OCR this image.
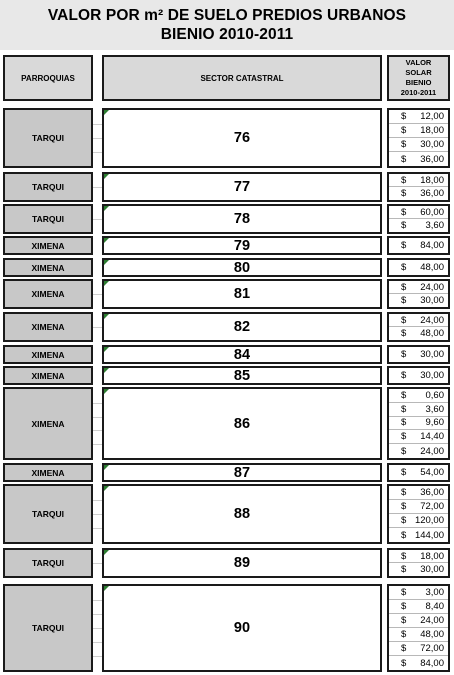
VALOR POR m² DE SUELO PREDIOS URBANOS
BIENIO 2010-2011
PARROQUIAS	SECTOR CATASTRAL
VALOR
SOLAR
BIENIO
2010-2011
TARQUI	76
$ 12,00
$ 18,00
$ 30,00
$ 36,00
TARQUI	77	$ 18,00
$ 36,00
TARQUI	78	$ 60,00
$ 3,60
XIMENA	79	$ 84,00
XIMENA	80	$ 48,00
XIMENA	81	$ 24,00
$ 30,00
XIMENA	82	$ 24,00
$ 48,00
XIMENA	84	$ 30,00
XIMENA	85	$ 30,00
XIMENA	86
$ 0,60
$ 3,60
$ 9,60
$ 14,40
$ 24,00
XIMENA	87	$ 54,00
TARQUI	88
$ 36,00
$ 72,00
$ 120,00
$ 144,00
TARQUI	89	$ 18,00
$ 30,00
TARQUI	90
$ 3,00
$ 8,40
$ 24,00
$ 48,00
$ 72,00
$ 84,00
